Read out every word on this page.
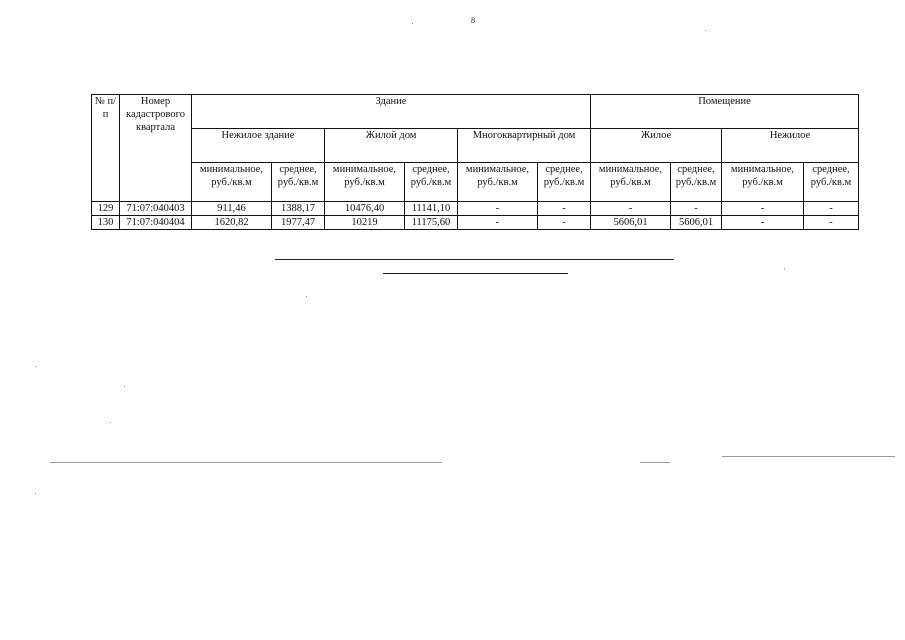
8
№ п/п	Номер кадастрового квартала	Здание						Помещение			
		Нежилое здание		Жилой дом		Многоквартирный дом		Жилое		Нежилое	
		минимальное, руб./кв.м	среднее, руб./кв.м	минимальное, руб./кв.м	среднее, руб./кв.м	минимальное, руб./кв.м	среднее, руб./кв.м	минимальное, руб./кв.м	среднее, руб./кв.м	минимальное, руб./кв.м	среднее, руб./кв.м
129	71:07:040403	911,46	1388,17	10476,40	11141,10	-	-	-	-	-	-
130	71:07:040404	1620,82	1977,47	10219	11175,60	-	-	5606,01	5606,01	-	-
